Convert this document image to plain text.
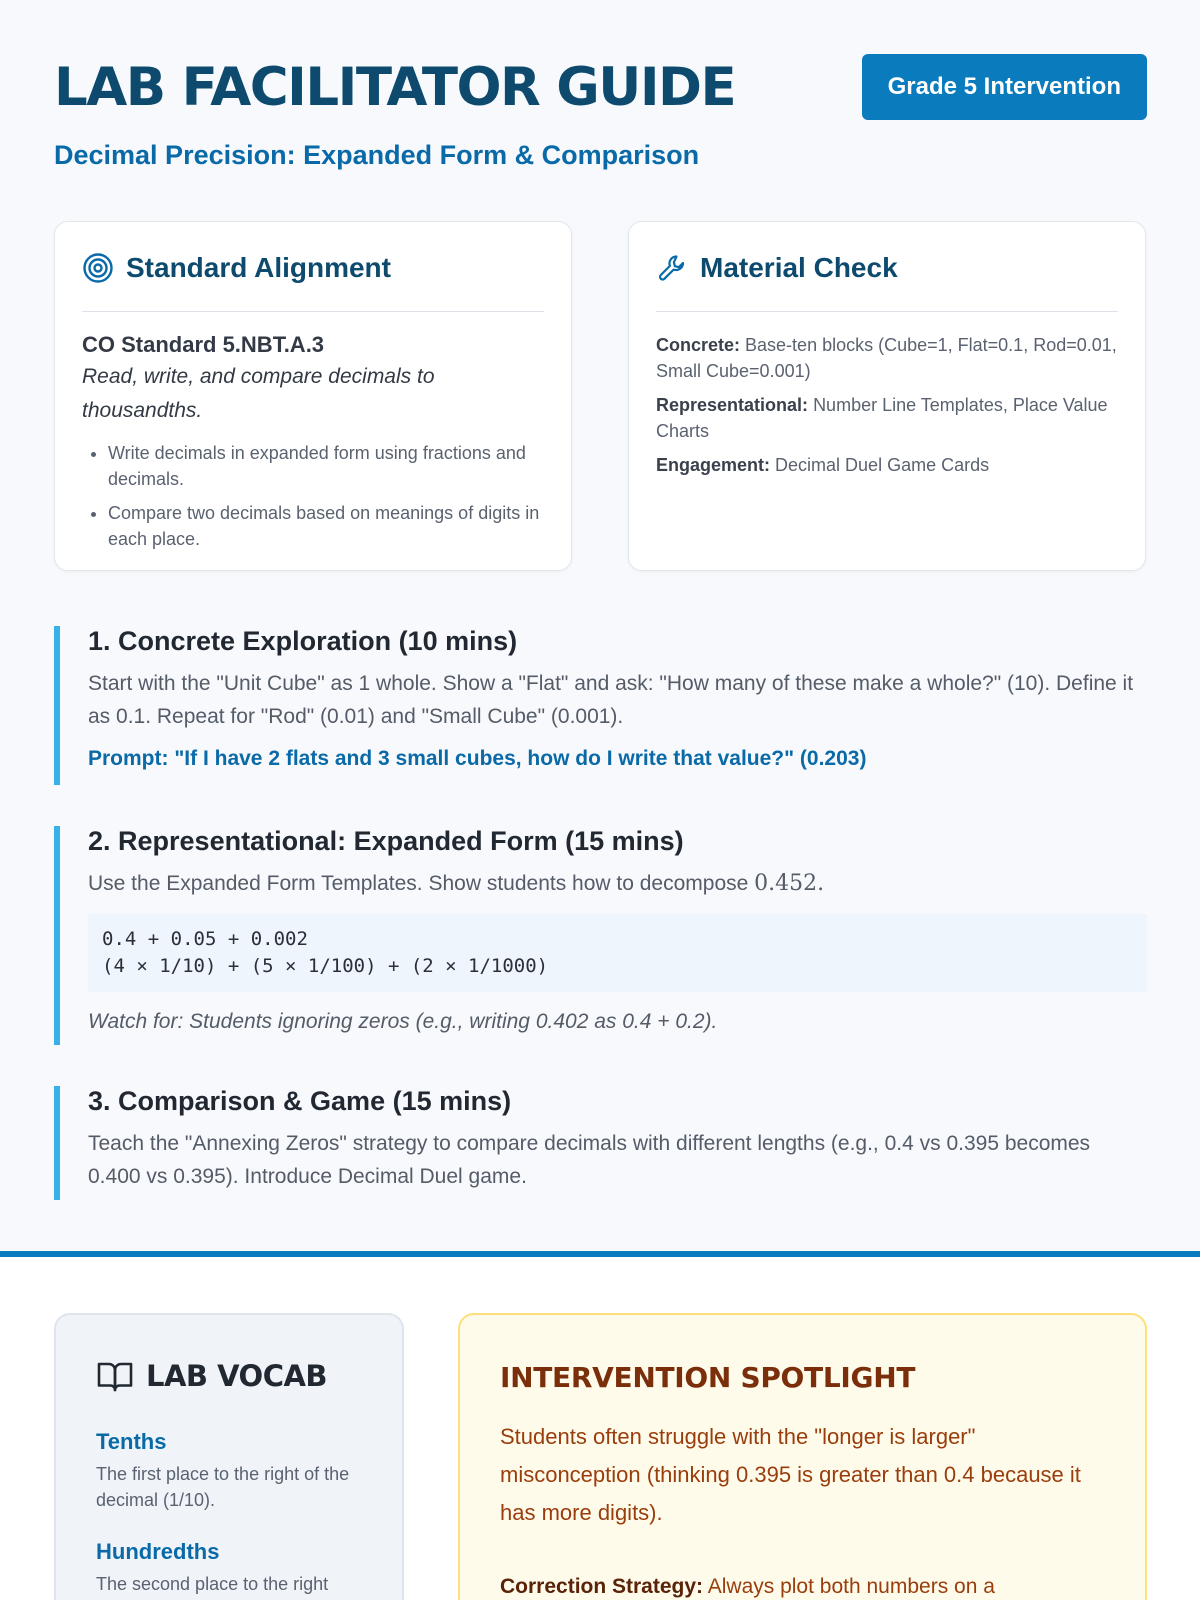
LAB FACILITATOR GUIDE	Grade 5 Intervention
Decimal Precision: Expanded Form & Comparison
Standard Alignment
CO Standard 5.NBT.A.3
Read, write, and compare decimals to thousandths.
• Write decimals in expanded form using fractions and decimals.
• Compare two decimals based on meanings of digits in each place.
Material Check

Concrete: Base-ten blocks (Cube=1, Flat=0.1, Rod=0.01, Small Cube=0.001)

Representational: Number Line Templates, Place Value Charts

Engagement: Decimal Duel Game Cards

1. Concrete Exploration (10 mins)
Start with the "Unit Cube" as 1 whole. Show a "Flat" and ask: "How many of these make a whole?" (10). Define it as 0.1. Repeat for "Rod" (0.01) and "Small Cube" (0.001).
Prompt: "If I have 2 flats and 3 small cubes, how do I write that value?" (0.203)
2. Representational: Expanded Form (15 mins)
Use the Expanded Form Templates. Show students how to decompose 0.452.
0.4 + 0.05 + 0.002
(4 × 1/10) + (5 × 1/100) + (2 × 1/1000)
Watch for: Students ignoring zeros (e.g., writing 0.402 as 0.4 + 0.2).
3. Comparison & Game (15 mins)
Teach the "Annexing Zeros" strategy to compare decimals with different lengths (e.g., 0.4 vs 0.395 becomes 0.400 vs 0.395). Introduce Decimal Duel game.
LAB VOCAB
Tenths
The first place to the right of the decimal (1/10).
Hundredths
The second place to the right
INTERVENTION SPOTLIGHT
Students often struggle with the "longer is larger" misconception (thinking 0.395 is greater than 0.4 because it has more digits).
Correction Strategy: Always plot both numbers on a
